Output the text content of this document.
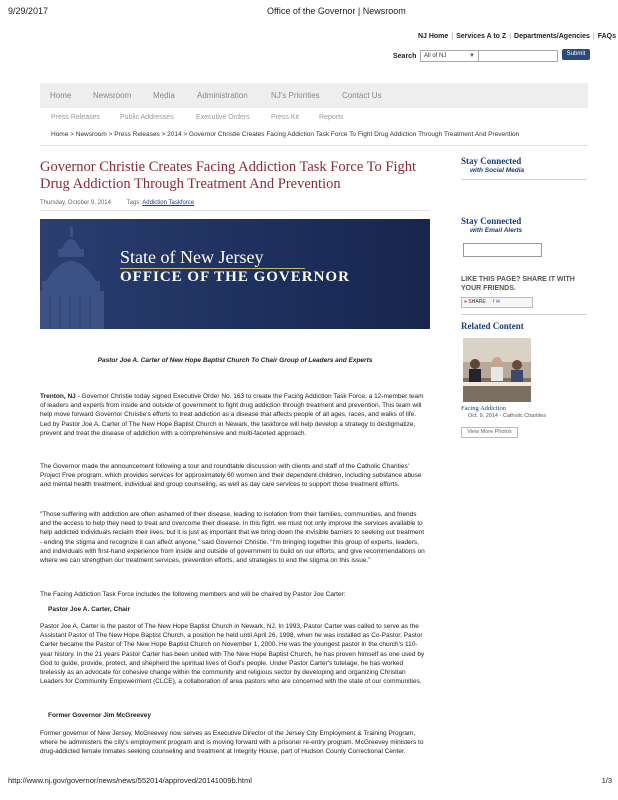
9/29/2017	Office of the Governor | Newsroom
NJ Home | Services A to Z | Departments/Agencies | FAQs
Search	All of NJ	▼	Submit
Home	Newsroom	Media	Administration	NJ's Priorities	Contact Us
Press Releases	Public Addresses	Executive Orders	Press Kit	Reports
Home > Newsroom > Press Releases > 2014 > Governor Christie Creates Facing Addiction Task Force To Fight Drug Addiction Through Treatment And Prevention
Governor Christie Creates Facing Addiction Task Force To Fight Drug Addiction Through Treatment And Prevention
Thursday, October 9, 2014	Tags: Addiction Taskforce
State of New Jersey
OFFICE OF THE GOVERNOR
Pastor Joe A. Carter of New Hope Baptist Church To Chair Group of Leaders and Experts

Trenton, NJ - Governor Christie today signed Executive Order No. 163 to create the Facing Addiction Task Force, a 12-member team of leaders and experts from inside and outside of government to fight drug addiction through treatment and prevention. This team will help move forward Governor Christie's efforts to treat addiction as a disease that affects people of all ages, races, and walks of life. Led by Pastor Joe A. Carter of The New Hope Baptist Church in Newark, the taskforce will help develop a strategy to destigmatize, prevent and treat the disease of addiction with a comprehensive and multi-faceted approach.

The Governor made the announcement following a tour and roundtable discussion with clients and staff of the Catholic Charities' Project Free program, which provides services for approximately 60 women and their dependent children, including substance abuse and mental health treatment, individual and group counseling, as well as day care services to support those treatment efforts.

"Those suffering with addiction are often ashamed of their disease, leading to isolation from their families, communities, and friends and the access to help they need to treat and overcome their disease. In this fight, we must not only improve the services available to help addicted individuals reclaim their lives, but it is just as important that we bring down the invisible barriers to seeking out treatment - ending the stigma and recognize it can affect anyone," said Governor Christie. "I'm bringing together this group of experts, leaders, and individuals with first-hand experience from inside and outside of government to build on our efforts, and give recommendations on where we can strengthen our treatment services, prevention efforts, and strategies to end the stigma on this issue."

The Facing Addiction Task Force includes the following members and will be chaired by Pastor Joe Carter:

Pastor Joe A. Carter, Chair

Pastor Joe A. Carter is the pastor of The New Hope Baptist Church in Newark, NJ. In 1993, Pastor Carter was called to serve as the Assistant Pastor of The New Hope Baptist Church, a position he held until April 26, 1998, when he was installed as Co-Pastor. Pastor Carter became the Pastor of The New Hope Baptist Church on November 1, 2000. He was the youngest pastor in the church's 110-year history. In the 21 years Pastor Carter has been united with The New Hope Baptist Church, he has proven himself as one used by God to guide, provide, protect, and shepherd the spiritual lives of God's people. Under Pastor Carter's tutelage, he has worked tirelessly as an advocate for cohesive change within the community and religious sector by developing and organizing Christian Leaders for Community Empowerment (CLCE), a collaboration of area pastors who are concerned with the state of our communities.

Former Governor Jim McGreevey

Former governor of New Jersey, McGreevey now serves as Executive Director of the Jersey City Employment & Training Program, where he administers the city's employment program and is moving forward with a prisoner re-entry program. McGreevey ministers to drug-addicted female inmates seeking counseling and treatment at Integrity House, part of Hudson County Correctional Center.

Stay Connected
with Social Media
Stay Connected
with Email Alerts
LIKE THIS PAGE? SHARE IT WITH YOUR FRIENDS.
● SHARE f ✉
Related Content
Facing Addiction
Oct. 9, 2014 - Catholic Charities
View More Photos
http://www.nj.gov/governor/news/news/552014/approved/20141009b.html	1/3
